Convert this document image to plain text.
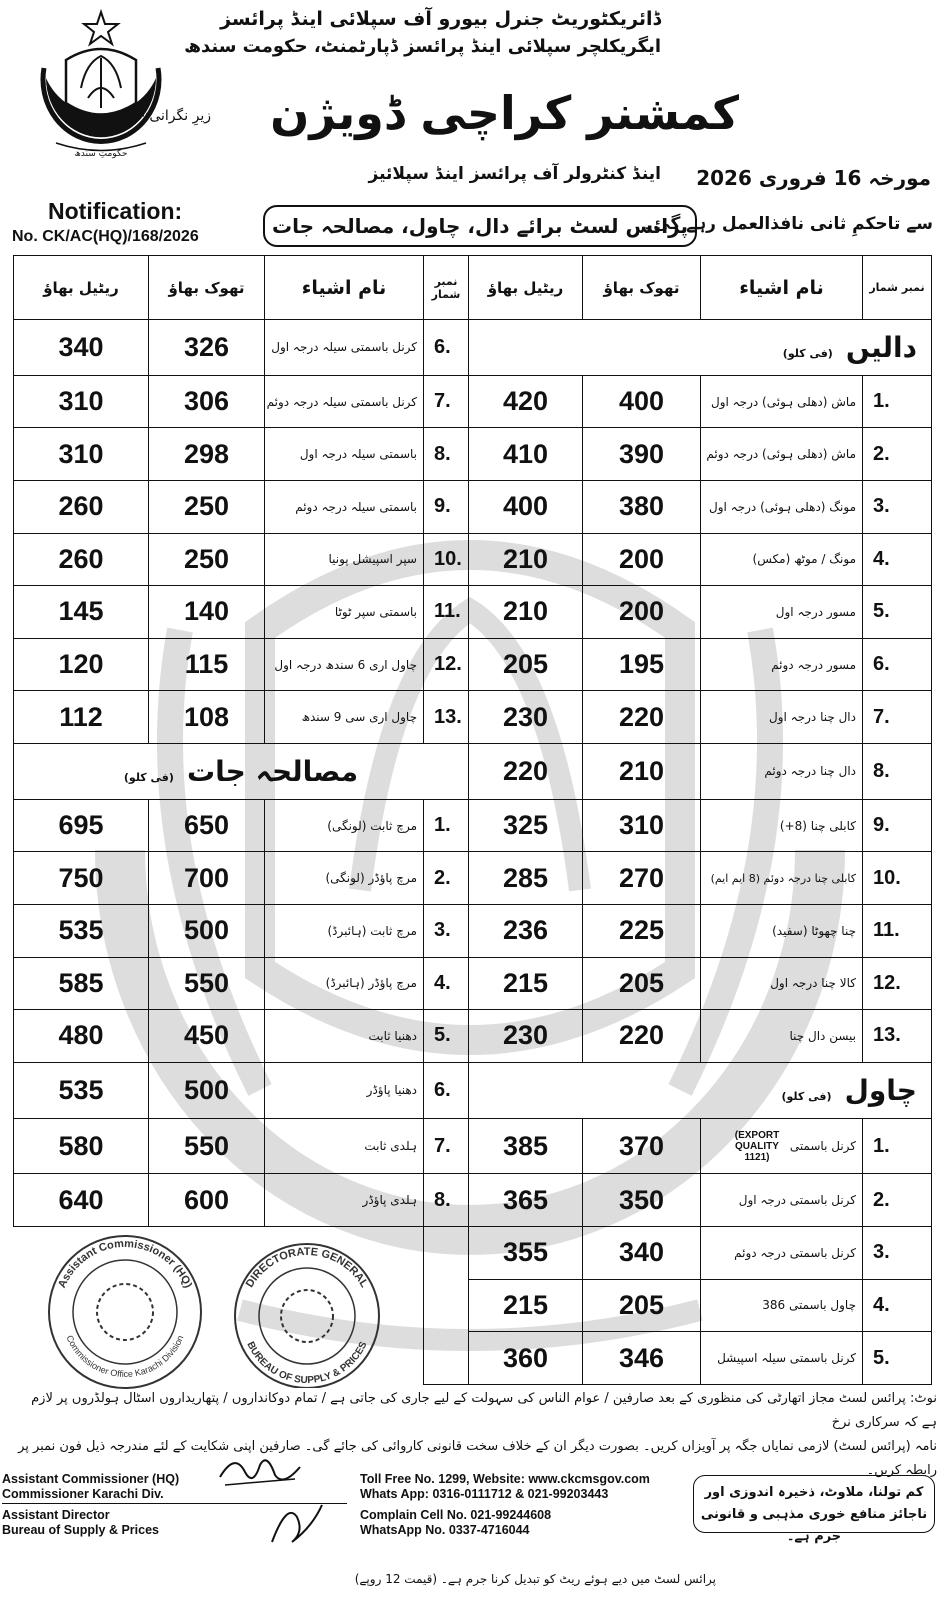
حکومتِ سندھ
ڈائریکٹوریٹ جنرل بیورو آف سپلائی اینڈ پرائسز
ایگریکلچر سپلائی اینڈ پرائسز ڈپارٹمنٹ، حکومت سندھ
زیرِ نگرانی:- کمشنر کراچی ڈویژن
اینڈ کنٹرولر آف پرائسز اینڈ سپلائیز مورخہ 16 فروری 2026
Notification:
No. CK/AC(HQ)/168/2026	پرائس لسٹ برائے دال، چاول، مصالحہ جات
سے تاحکمِ ثانی نافذالعمل رہے گی۔
ریٹیل بھاؤ	تھوک بھاؤ	نام اشیاء	نمبر شمار	ریٹیل بھاؤ	تھوک بھاؤ	نام اشیاء	نمبر شمار
340	326	کرنل باسمتی سیلہ درجہ اول	6.	دالیں (فی کلو)			
310	306	کرنل باسمتی سیلہ درجہ دوئم	7.	420	400	ماش (دھلی ہوئی) درجہ اول	1.
310	298	باسمتی سیلہ درجہ اول	8.	410	390	ماش (دھلی ہوئی) درجہ دوئم	2.
260	250	باسمتی سیلہ درجہ دوئم	9.	400	380	مونگ (دھلی ہوئی) درجہ اول	3.
260	250	سپر اسپیشل پونیا	10.	210	200	مونگ / موٹھ (مکس)	4.
145	140	باسمتی سپر ٹوٹا	11.	210	200	مسور درجہ اول	5.
120	115	چاول اری 6 سندھ درجہ اول	12.	205	195	مسور درجہ دوئم	6.
112	108	چاول اری سی 9 سندھ	13.	230	220	دال چنا درجہ اول	7.
مصالحہ جات (فی کلو)				220	210	دال چنا درجہ دوئم	8.
695	650	مرچ ثابت (لونگی)	1.	325	310	کابلی چنا (8+)	9.
750	700	مرچ پاؤڈر (لونگی)	2.	285	270	کابلی چنا درجہ دوئم (8 ایم ایم)	10.
535	500	مرچ ثابت (ہائبرڈ)	3.	236	225	چنا چھوٹا (سفید)	11.
585	550	مرچ پاؤڈر (ہائبرڈ)	4.	215	205	کالا چنا درجہ اول	12.
480	450	دھنیا ثابت	5.	230	220	بیسن دال چنا	13.
535	500	دھنیا پاؤڈر	6.	چاول (فی کلو)			
580	550	ہلدی ثابت	7.	385	370	کرنل باسمتی (EXPORT QUALITY 1121)	1.
640	600	ہلدی پاؤڈر	8.	365	350	کرنل باسمتی درجہ اول	2.
				355	340	کرنل باسمتی درجہ دوئم	3.
				215	205	چاول باسمتی 386	4.
				360	346	کرنل باسمتی سیلہ اسپیشل	5.
Assistant Commissioner (HQ)
Commissioner Office Karachi Division
DIRECTORATE GENERAL
BUREAU OF SUPPLY & PRICES
نوٹ: پرائس لسٹ مجاز اتھارٹی کی منظوری کے بعد صارفین / عوام الناس کی سہولت کے لیے جاری کی جاتی ہے / تمام دوکانداروں / پتھاریداروں اسٹال ہولڈروں پر لازم ہے کہ سرکاری نرخ
نامہ (پرائس لسٹ) لازمی نمایاں جگہ پر آویزاں کریں۔ بصورت دیگر ان کے خلاف سخت قانونی کاروائی کی جائے گی۔ صارفین اپنی شکایت کے لئے مندرجہ ذیل فون نمبر پر رابطہ کریں۔
Assistant Commissioner (HQ)
Commissioner Karachi Div.
Assistant Director
Bureau of Supply & Prices
Toll Free No. 1299, Website: www.ckcmsgov.com
Whats App: 0316-0111712 & 021-99203443
Complain Cell No. 021-99244608
WhatsApp No. 0337-4716044
کم تولنا، ملاوٹ، ذخیرہ اندوزی اور
ناجائز منافع خوری مذہبی و قانونی جرم ہے۔
پرائس لسٹ میں دیے ہوئے ریٹ کو تبدیل کرنا جرم ہے۔ (قیمت 12 روپے)
